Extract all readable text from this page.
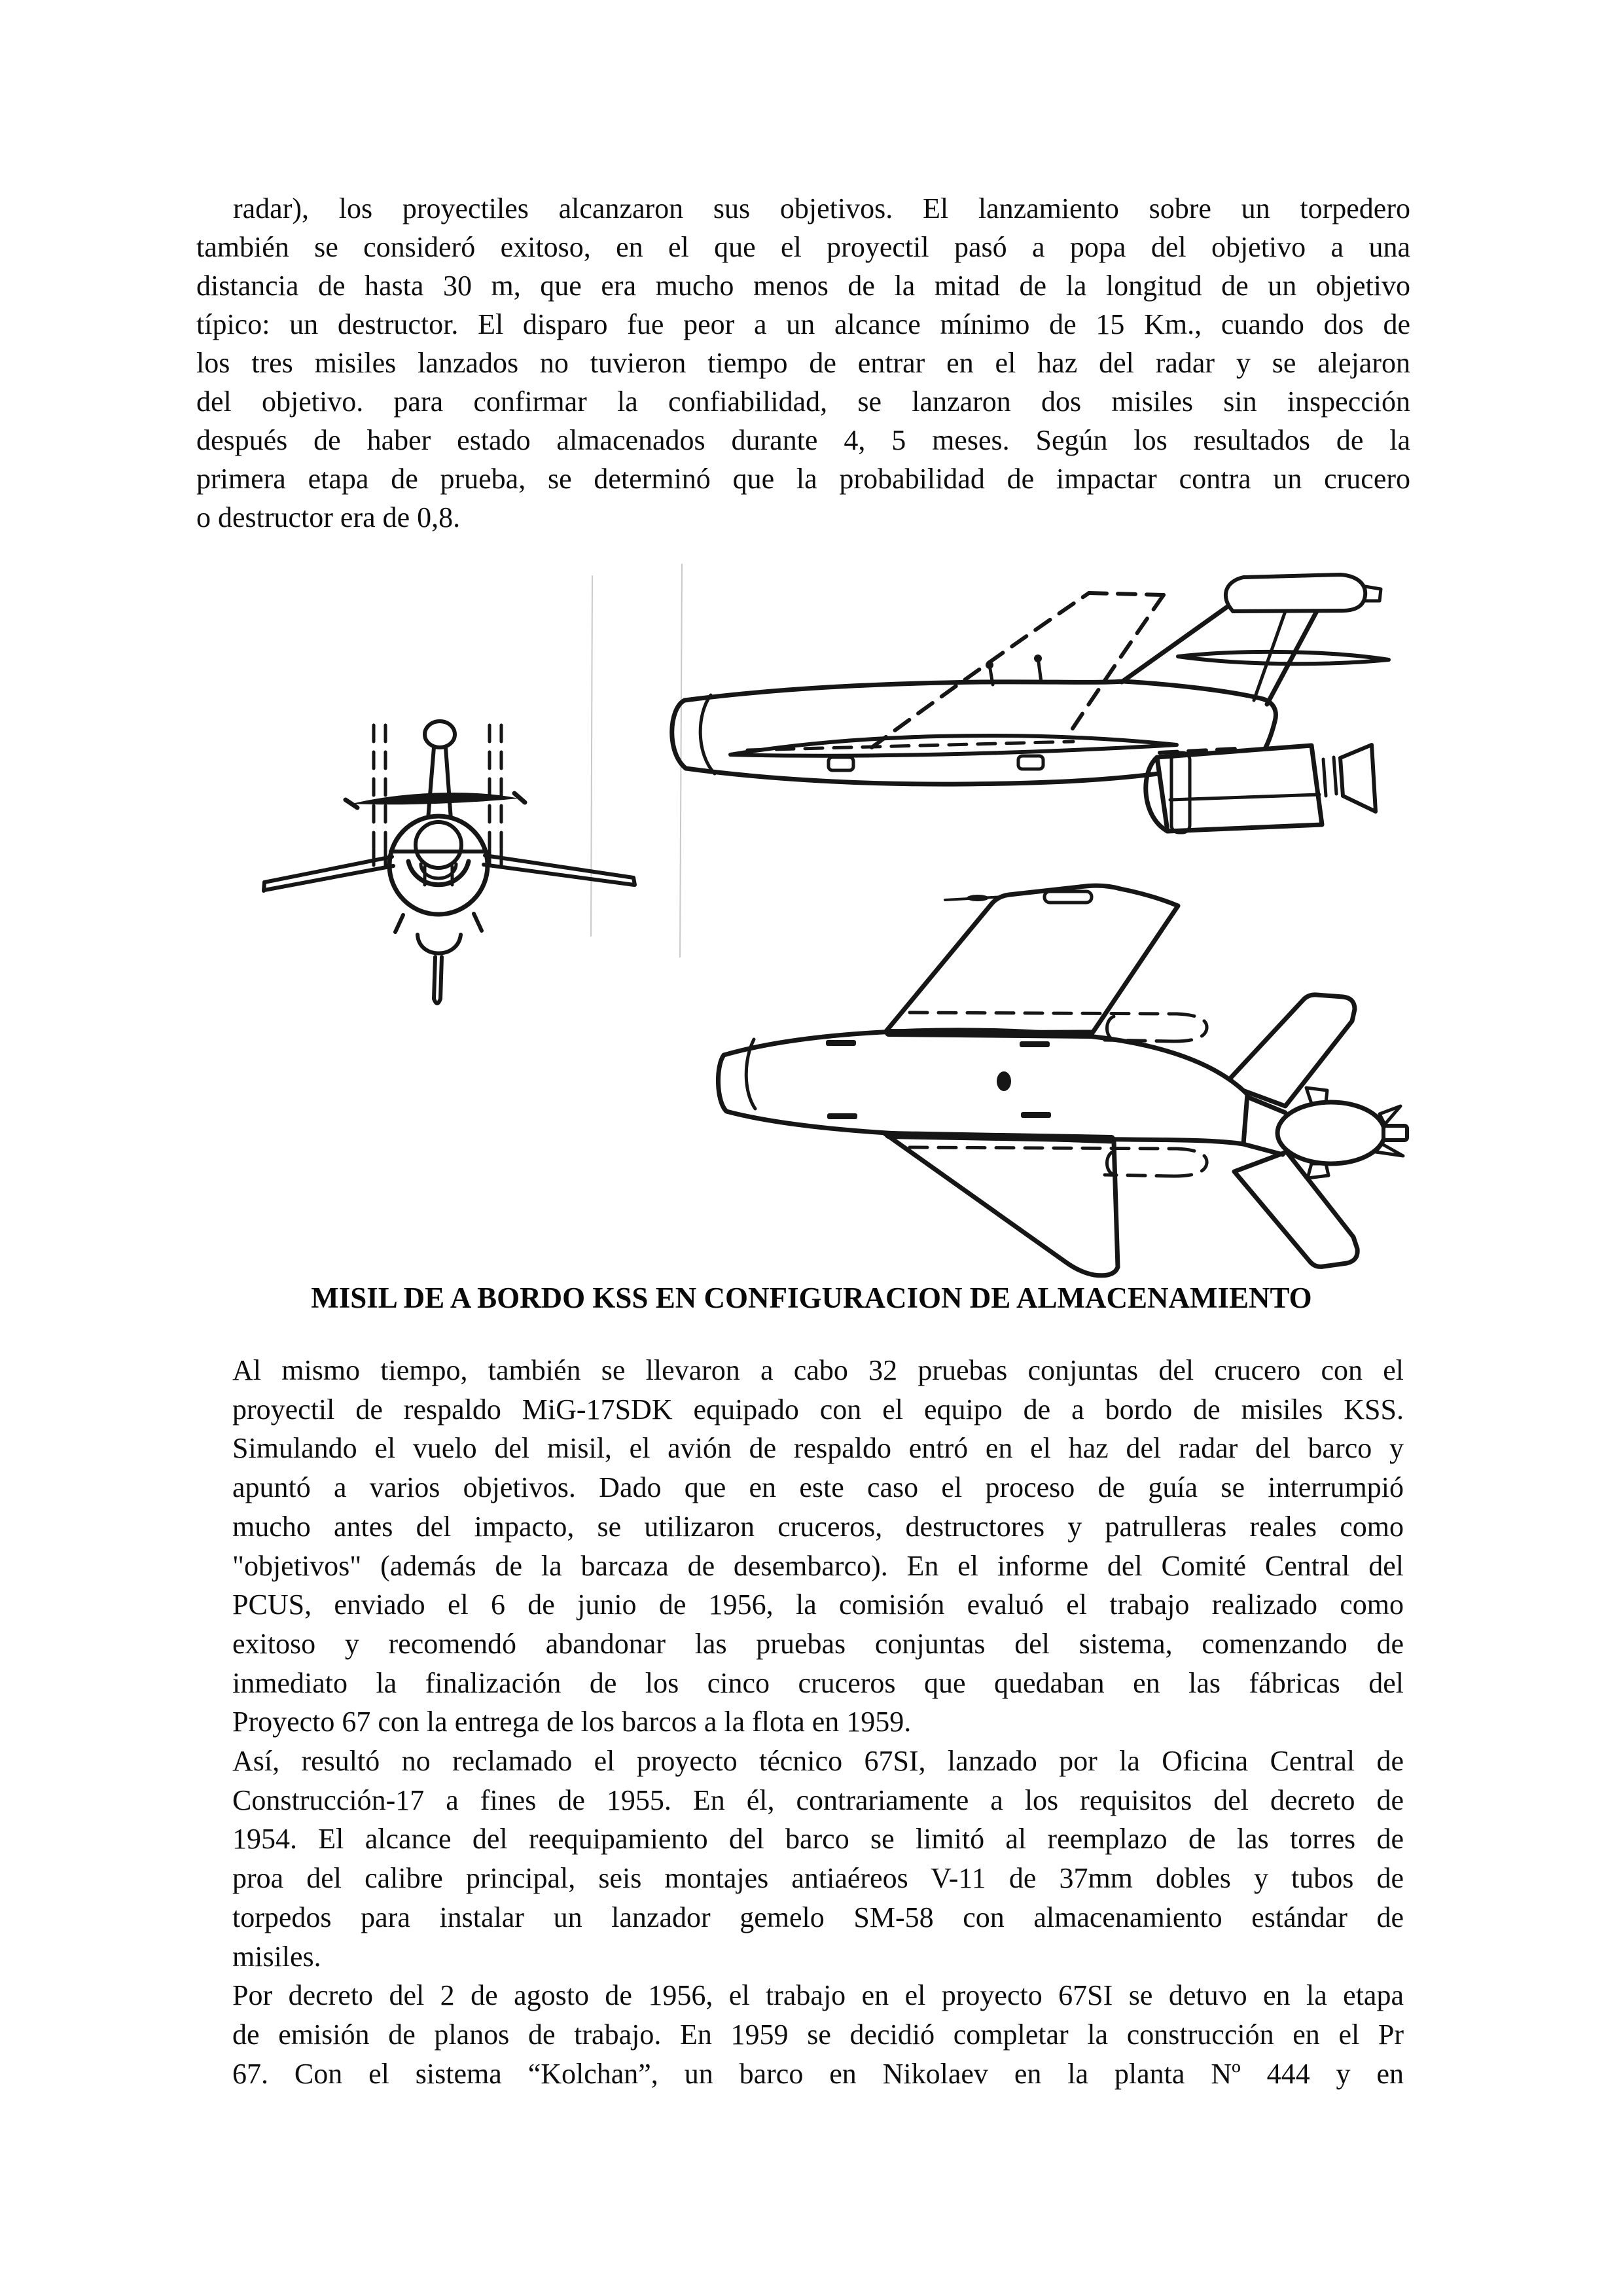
radar), los proyectiles alcanzaron sus objetivos. El lanzamiento sobre un torpedero
también se consideró exitoso, en el que el proyectil pasó a popa del objetivo a una
distancia de hasta 30 m, que era mucho menos de la mitad de la longitud de un objetivo
típico: un destructor. El disparo fue peor a un alcance mínimo de 15 Km., cuando dos de
los tres misiles lanzados no tuvieron tiempo de entrar en el haz del radar y se alejaron
del objetivo. para confirmar la confiabilidad, se lanzaron dos misiles sin inspección
después de haber estado almacenados durante 4, 5 meses. Según los resultados de la
primera etapa de prueba, se determinó que la probabilidad de impactar contra un crucero
o destructor era de 0,8.
MISIL DE A BORDO KSS EN CONFIGURACION DE ALMACENAMIENTO
Al mismo tiempo, también se llevaron a cabo 32 pruebas conjuntas del crucero con el
proyectil de respaldo MiG-17SDK equipado con el equipo de a bordo de misiles KSS.
Simulando el vuelo del misil, el avión de respaldo entró en el haz del radar del barco y
apuntó a varios objetivos. Dado que en este caso el proceso de guía se interrumpió
mucho antes del impacto, se utilizaron cruceros, destructores y patrulleras reales como
"objetivos" (además de la barcaza de desembarco). En el informe del Comité Central del
PCUS, enviado el 6 de junio de 1956, la comisión evaluó el trabajo realizado como
exitoso y recomendó abandonar las pruebas conjuntas del sistema, comenzando de
inmediato la finalización de los cinco cruceros que quedaban en las fábricas del
Proyecto 67 con la entrega de los barcos a la flota en 1959.
Así, resultó no reclamado el proyecto técnico 67SI, lanzado por la Oficina Central de
Construcción-17 a fines de 1955. En él, contrariamente a los requisitos del decreto de
1954. El alcance del reequipamiento del barco se limitó al reemplazo de las torres de
proa del calibre principal, seis montajes antiaéreos V-11 de 37mm dobles y tubos de
torpedos para instalar un lanzador gemelo SM-58 con almacenamiento estándar de
misiles.
Por decreto del 2 de agosto de 1956, el trabajo en el proyecto 67SI se detuvo en la etapa
de emisión de planos de trabajo. En 1959 se decidió completar la construcción en el Pr
67. Con el sistema “Kolchan”, un barco en Nikolaev en la planta Nº 444 y en
